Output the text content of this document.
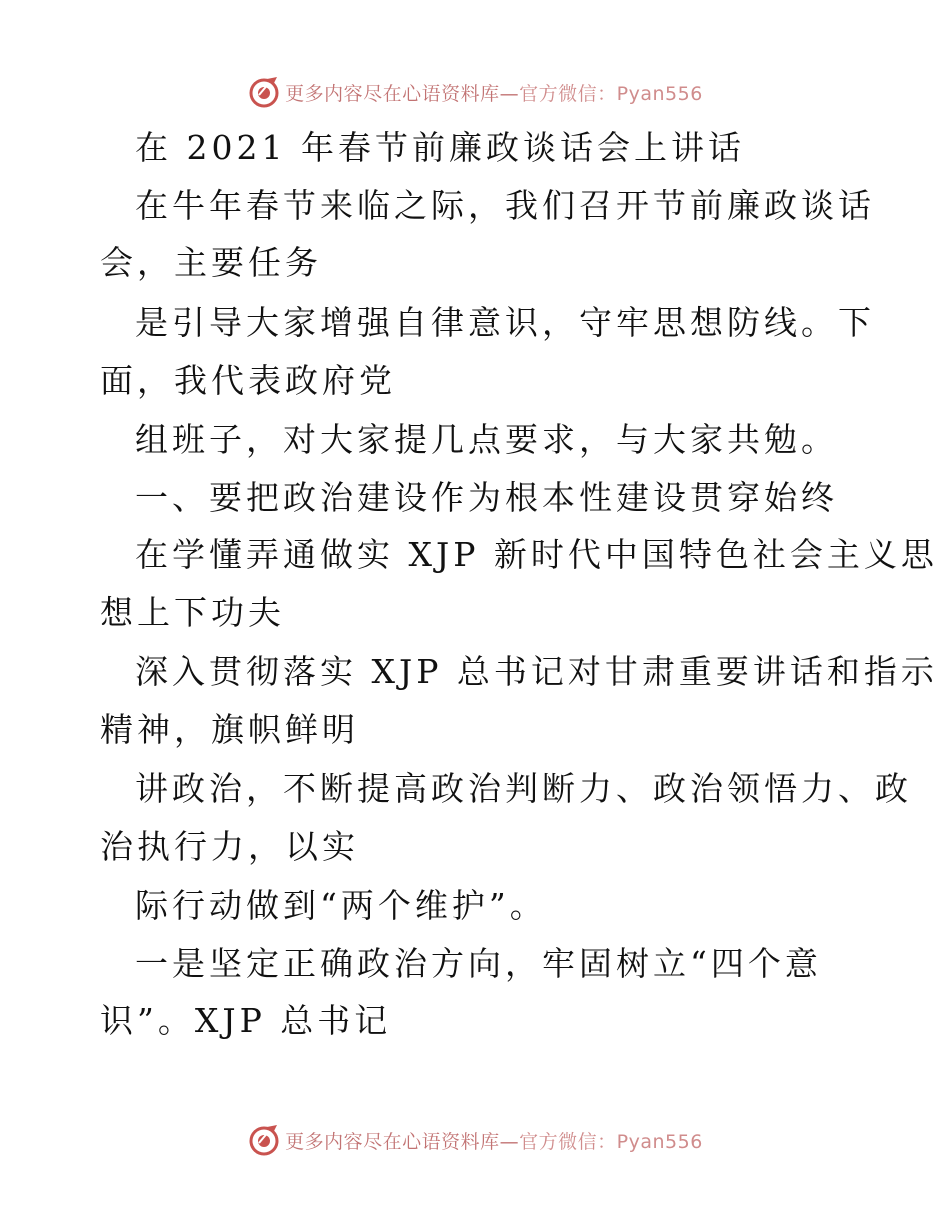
更多内容尽在心语资料库—官方微信：Pyan556
在 2021 年春节前廉政谈话会上讲话
在牛年春节来临之际，我们召开节前廉政谈话
会，主要任务
是引导大家增强自律意识，守牢思想防线。下
面，我代表政府党
组班子，对大家提几点要求，与大家共勉。
一、要把政治建设作为根本性建设贯穿始终
在学懂弄通做实 XJP 新时代中国特色社会主义思
想上下功夫
深入贯彻落实 XJP 总书记对甘肃重要讲话和指示
精神，旗帜鲜明
讲政治，不断提高政治判断力、政治领悟力、政
治执行力，以实
际行动做到“两个维护”。
一是坚定正确政治方向，牢固树立“四个意
识”。XJP 总书记
更多内容尽在心语资料库—官方微信：Pyan556
